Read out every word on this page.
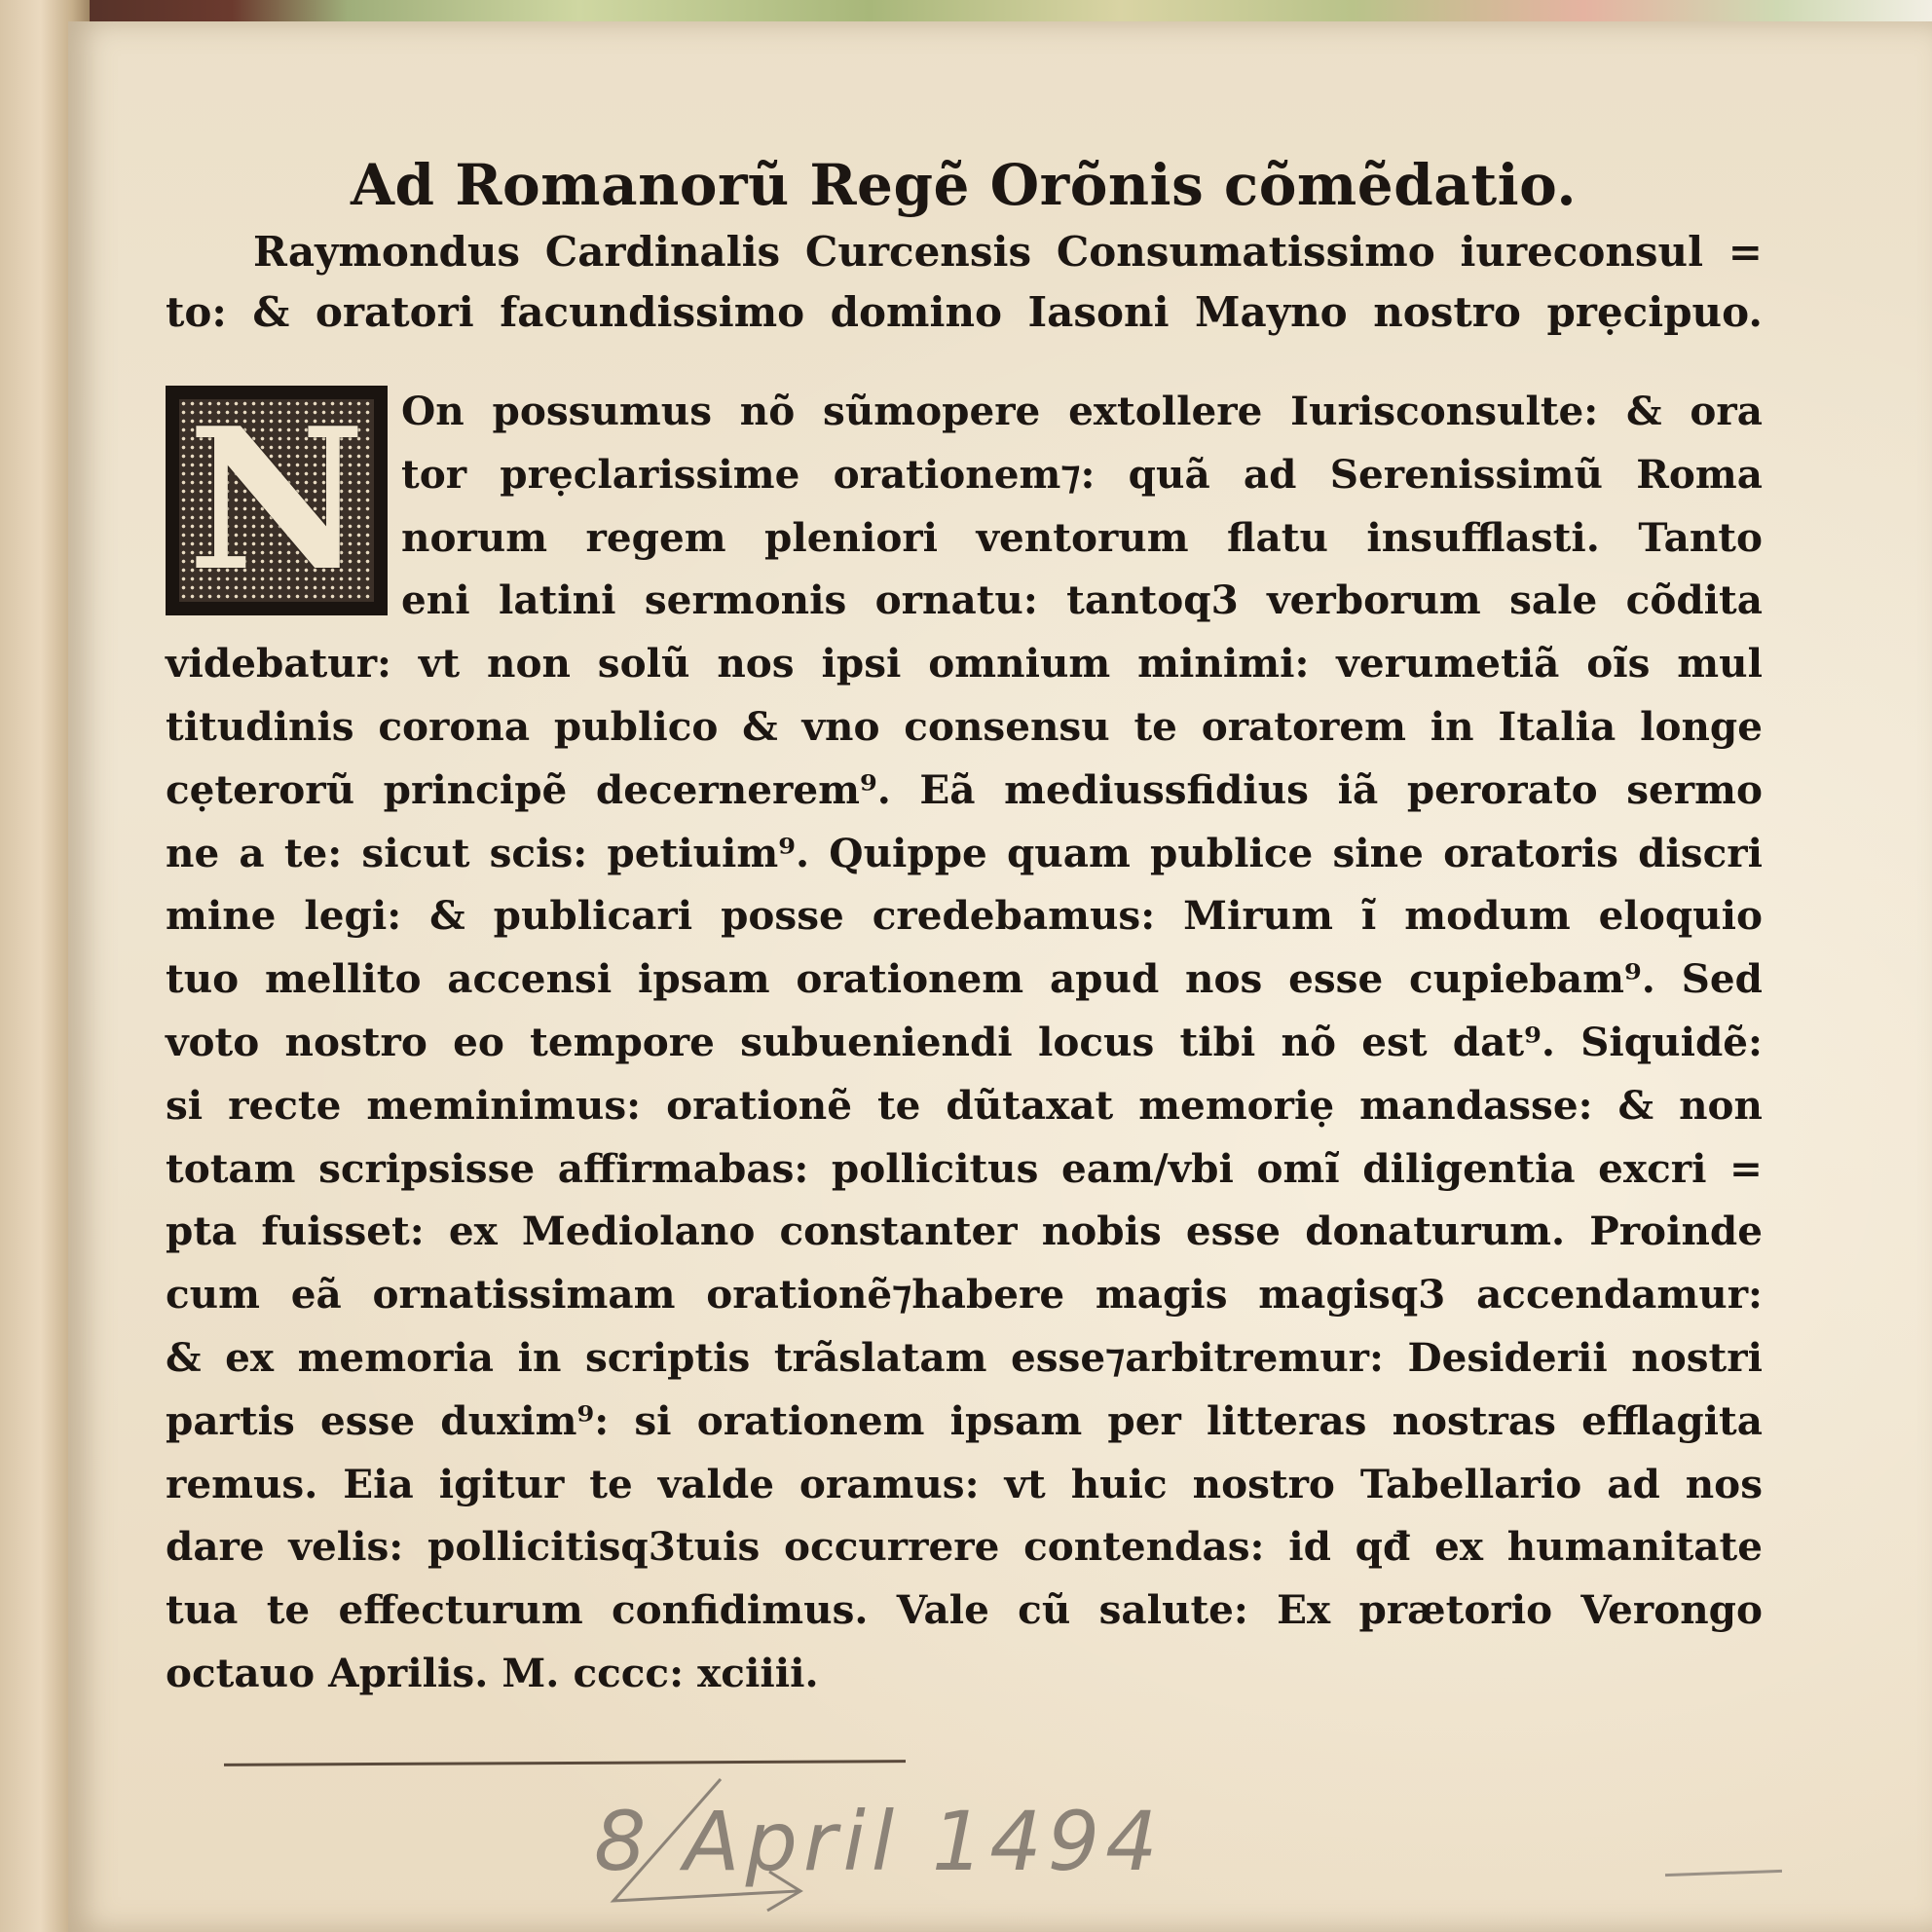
Ad Romanorũ Regẽ Orõnis cõmẽdatio.
Raymondus Cardinalis Curcensis Consumatissimo iureconsul =
to: & oratori facundissimo domino Iasoni Mayno nostro prẹcipuo.
N On possumus nõ sũmopere extollere Iurisconsulte: & ora
tor prẹclarissime orationem⁊: quã ad Serenissimũ Roma
norum regem pleniori ventorum flatu insufflasti. Tanto
eni latini sermonis ornatu: tantoq3 verborum sale cõdita
videbatur: vt non solũ nos ipsi omnium minimi: verumetiã oĩs mul
titudinis corona publico & vno consensu te oratorem in Italia longe
cẹterorũ principẽ decernerem⁹. Eã mediussfidius iã perorato sermo
ne a te: sicut scis: petiuim⁹. Quippe quam publice sine oratoris discri
mine legi: & publicari posse credebamus: Mirum ĩ modum eloquio
tuo mellito accensi ipsam orationem apud nos esse cupiebam⁹. Sed
voto nostro eo tempore subueniendi locus tibi nõ est dat⁹. Siquidẽ:
si recte meminimus: orationẽ te dũtaxat memoriẹ mandasse: & non
totam scripsisse affirmabas: pollicitus eam/vbi omĩ diligentia excri =
pta fuisset: ex Mediolano constanter nobis esse donaturum. Proinde
cum eã ornatissimam orationẽ⁊habere magis magisq3 accendamur:
& ex memoria in scriptis trãslatam esse⁊arbitremur: Desiderii nostri
partis esse duxim⁹: si orationem ipsam per litteras nostras efflagita
remus. Eia igitur te valde oramus: vt huic nostro Tabellario ad nos
dare velis: pollicitisq3tuis occurrere contendas: id qđ ex humanitate
tua te effecturum confidimus. Vale cũ salute: Ex prætorio Verongo
octauo Aprilis. M. cccc: xciiii.
8 April 1494
